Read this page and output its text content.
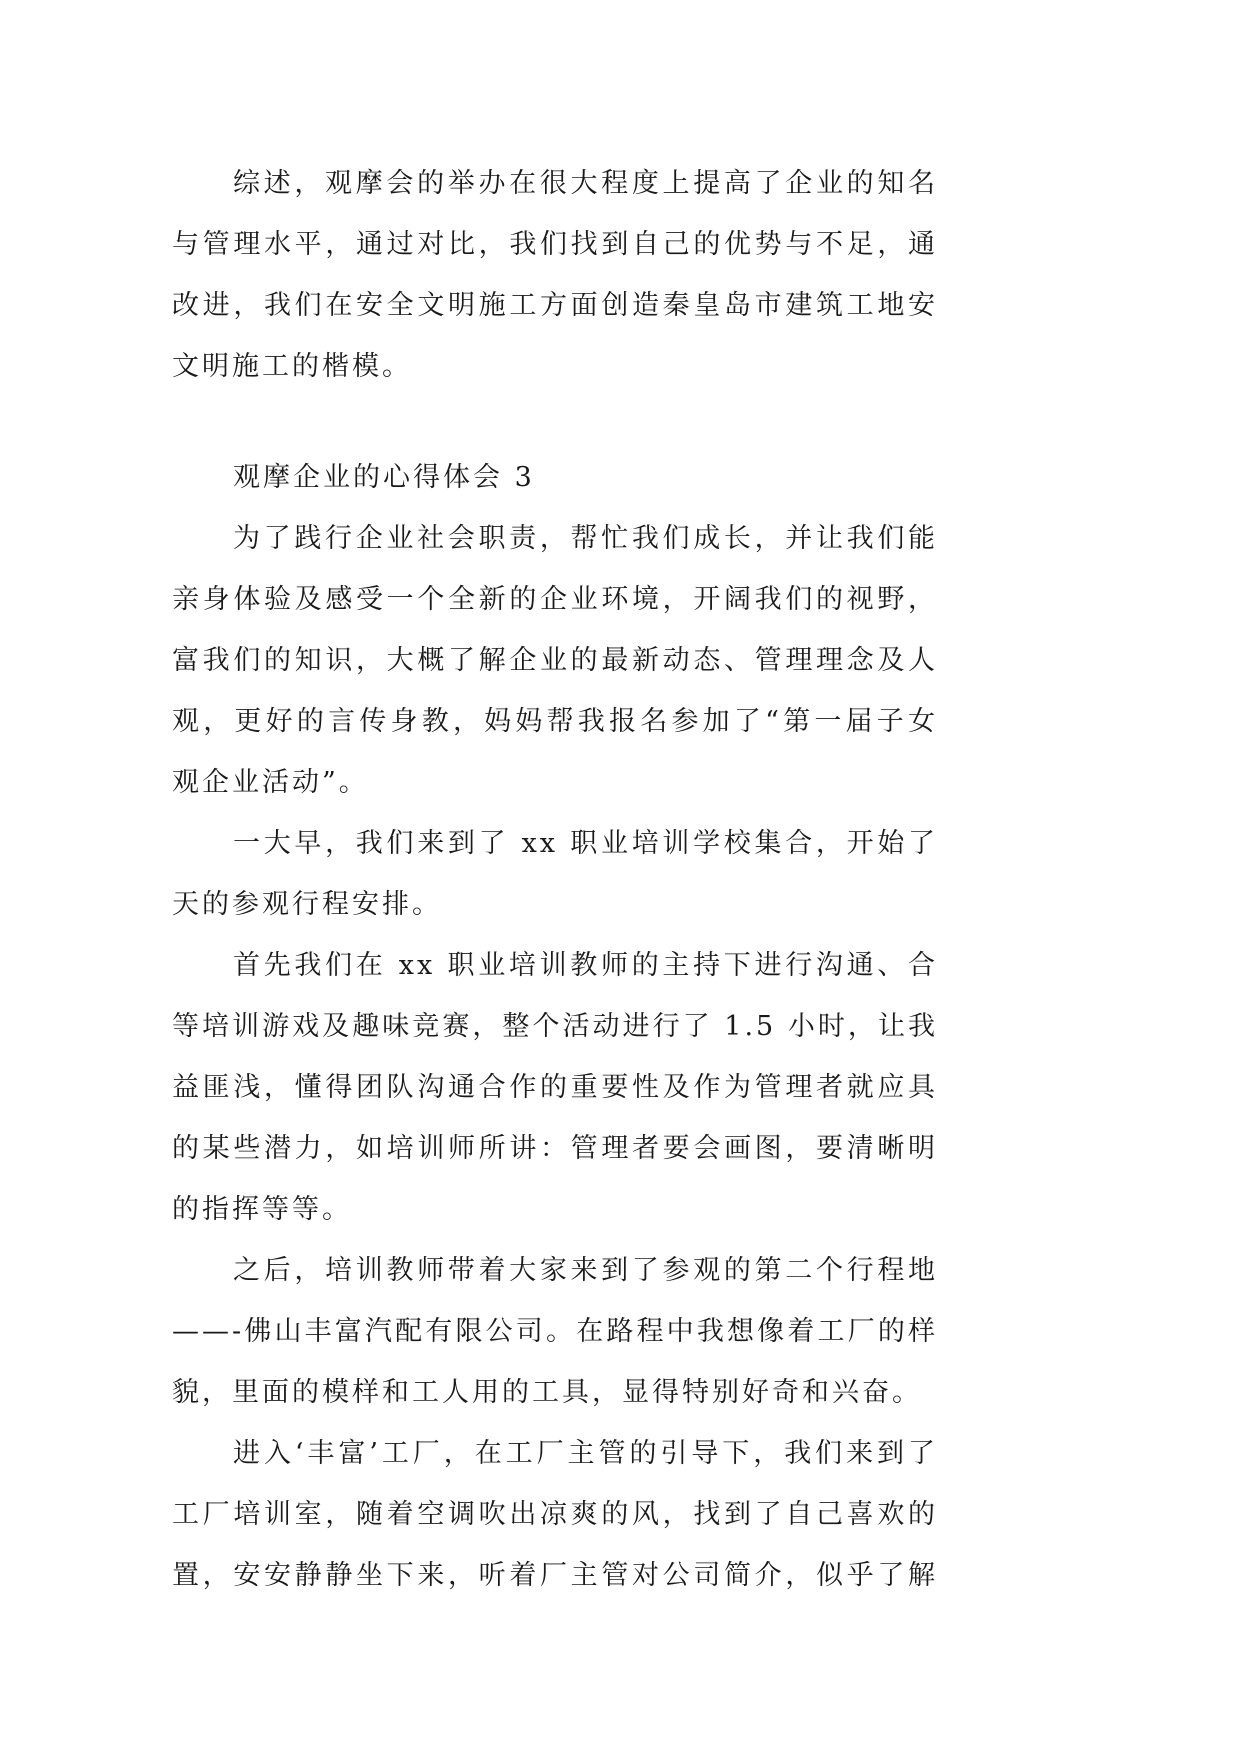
综述，观摩会的举办在很大程度上提高了企业的知名
与管理水平，通过对比，我们找到自己的优势与不足，通
改进，我们在安全文明施工方面创造秦皇岛市建筑工地安
文明施工的楷模。
观摩企业的心得体会 3
为了践行企业社会职责，帮忙我们成长，并让我们能
亲身体验及感受一个全新的企业环境，开阔我们的视野，
富我们的知识，大概了解企业的最新动态、管理理念及人
观，更好的言传身教，妈妈帮我报名参加了“第一届子女
观企业活动”。
一大早，我们来到了 xx 职业培训学校集合，开始了
天的参观行程安排。
首先我们在 xx 职业培训教师的主持下进行沟通、合
等培训游戏及趣味竞赛，整个活动进行了 1.5 小时，让我
益匪浅，懂得团队沟通合作的重要性及作为管理者就应具
的某些潜力，如培训师所讲：管理者要会画图，要清晰明
的指挥等等。
之后，培训教师带着大家来到了参观的第二个行程地
——-佛山丰富汽配有限公司。在路程中我想像着工厂的样
貌，里面的模样和工人用的工具，显得特别好奇和兴奋。
进入‘丰富’工厂，在工厂主管的引导下，我们来到了
工厂培训室，随着空调吹出凉爽的风，找到了自己喜欢的
置，安安静静坐下来，听着厂主管对公司简介，似乎了解
